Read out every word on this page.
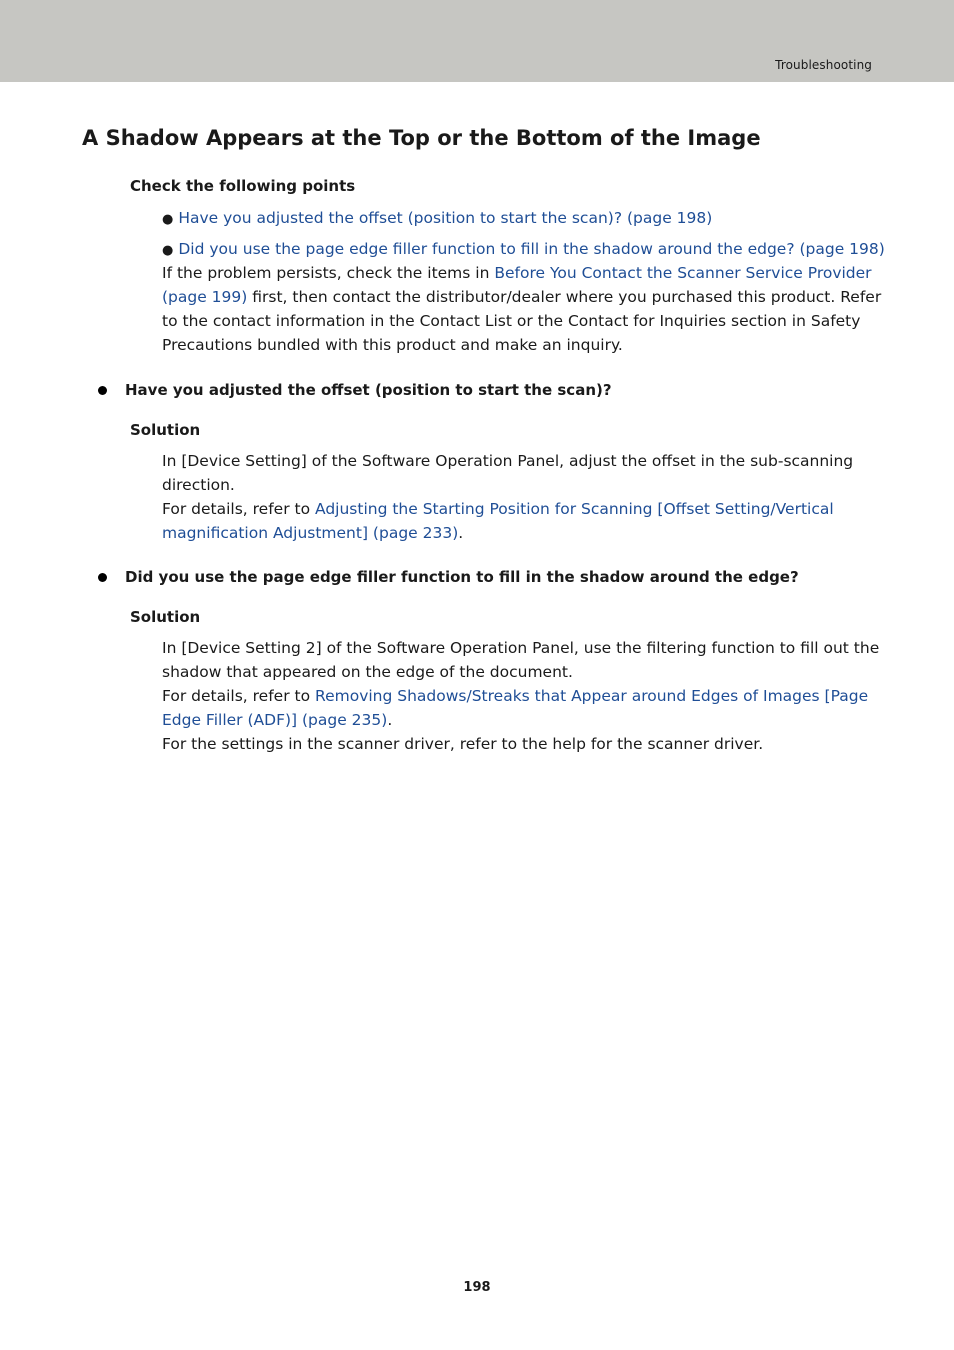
Troubleshooting
A Shadow Appears at the Top or the Bottom of the Image
Check the following points
● Have you adjusted the offset (position to start the scan)? (page 198)
● Did you use the page edge filler function to fill in the shadow around the edge? (page 198)
If the problem persists, check the items in Before You Contact the Scanner Service Provider
(page 199) first, then contact the distributor/dealer where you purchased this product. Refer
to the contact information in the Contact List or the Contact for Inquiries section in Safety
Precautions bundled with this product and make an inquiry.
Have you adjusted the offset (position to start the scan)?
Solution
In [Device Setting] of the Software Operation Panel, adjust the offset in the sub-scanning
direction.
For details, refer to Adjusting the Starting Position for Scanning [Offset Setting/Vertical
magnification Adjustment] (page 233).
Did you use the page edge filler function to fill in the shadow around the edge?
Solution
In [Device Setting 2] of the Software Operation Panel, use the filtering function to fill out the
shadow that appeared on the edge of the document.
For details, refer to Removing Shadows/Streaks that Appear around Edges of Images [Page
Edge Filler (ADF)] (page 235).
For the settings in the scanner driver, refer to the help for the scanner driver.
198
